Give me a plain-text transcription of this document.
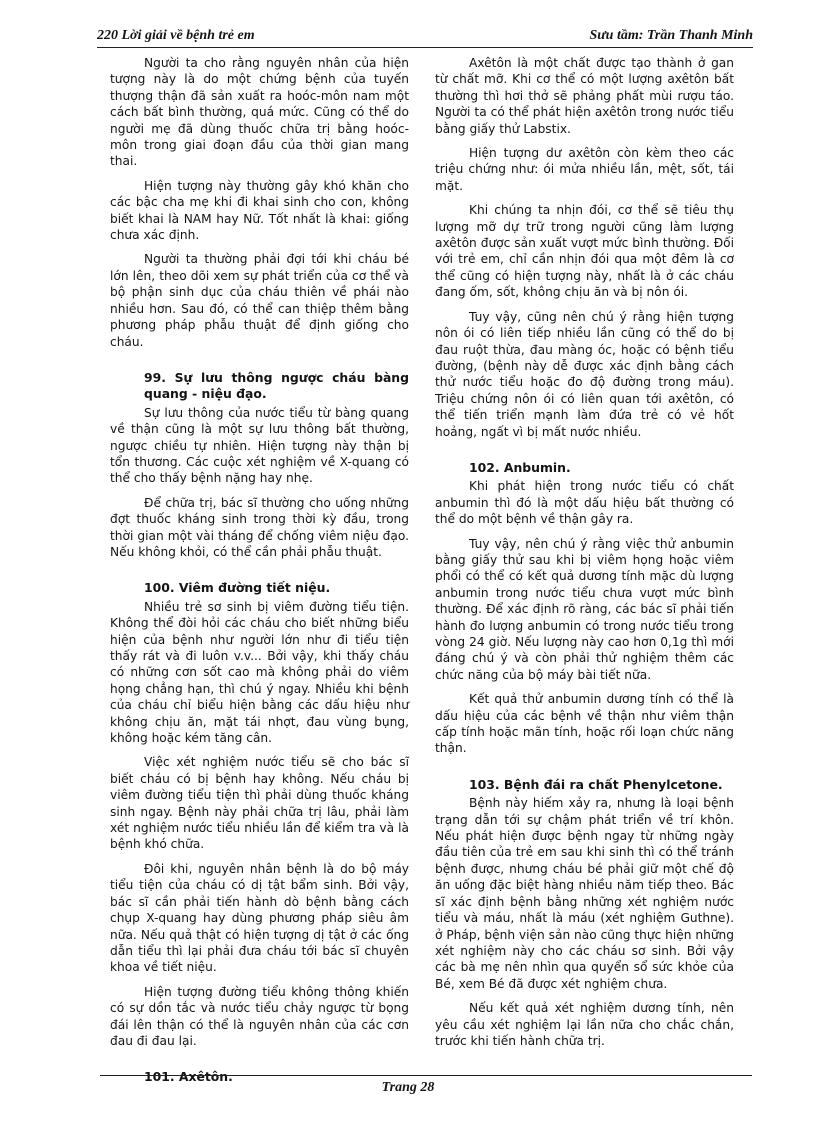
220 Lời giải về bệnh trẻ em	Sưu tầm: Trần Thanh Minh

Người ta cho rằng nguyên nhân của hiện tượng này là do một chứng bệnh của tuyến thượng thận đã sản xuất ra hoóc-môn nam một cách bất bình thường, quá mức. Cũng có thể do người mẹ đã dùng thuốc chữa trị bằng hoóc-môn trong giai đoạn đầu của thời gian mang thai.

Hiện tượng này thường gây khó khăn cho các bậc cha mẹ khi đi khai sinh cho con, không biết khai là NAM hay Nữ. Tốt nhất là khai: giống chưa xác định.

Người ta thường phải đợi tới khi cháu bé lớn lên, theo dõi xem sự phát triển của cơ thể và bộ phận sinh dục của cháu thiên về phái nào nhiều hơn. Sau đó, có thể can thiệp thêm bằng phương pháp phẫu thuật để định giống cho cháu.

99. Sự lưu thông ngược cháu bàng quang - niệu đạo.

Sự lưu thông của nước tiểu từ bàng quang về thận cũng là một sự lưu thông bất thường, ngược chiều tự nhiên. Hiện tượng này thận bị tổn thương. Các cuộc xét nghiệm về X-quang có thể cho thấy bệnh nặng hay nhẹ.

Để chữa trị, bác sĩ thường cho uống những đợt thuốc kháng sinh trong thời kỳ đầu, trong thời gian một vài tháng để chống viêm niệu đạo. Nếu không khỏi, có thể cần phải phẫu thuật.

100. Viêm đường tiết niệu.

Nhiều trẻ sơ sinh bị viêm đường tiểu tiện. Không thể đòi hỏi các cháu cho biết những biểu hiện của bệnh như người lớn như đi tiểu tiện thấy rát và đi luôn v.v... Bởi vậy, khi thấy cháu có những cơn sốt cao mà không phải do viêm họng chẳng hạn, thì chú ý ngay. Nhiều khi bệnh của cháu chỉ biểu hiện bằng các dấu hiệu như không chịu ăn, mặt tái nhợt, đau vùng bụng, không hoặc kém tăng cân.

Việc xét nghiệm nước tiểu sẽ cho bác sĩ biết cháu có bị bệnh hay không. Nếu cháu bị viêm đường tiểu tiện thì phải dùng thuốc kháng sinh ngay. Bệnh này phải chữa trị lâu, phải làm xét nghiệm nước tiểu nhiều lần để kiểm tra và là bệnh khó chữa.

Đôi khi, nguyên nhân bệnh là do bộ máy tiểu tiện của cháu có dị tật bẩm sinh. Bởi vậy, bác sĩ cần phải tiến hành dò bệnh bằng cách chụp X-quang hay dùng phương pháp siêu âm nữa. Nếu quả thật có hiện tượng dị tật ở các ống dẫn tiểu thì lại phải đưa cháu tới bác sĩ chuyên khoa về tiết niệu.

Hiện tượng đường tiểu không thông khiến có sự dồn tắc và nước tiểu chảy ngược từ bọng đái lên thận có thể là nguyên nhân của các cơn đau đi đau lại.

101. Axêtôn.

Axêtôn là một chất được tạo thành ở gan từ chất mỡ. Khi cơ thể có một lượng axêtôn bất thường thì hơi thở sẽ phảng phất mùi rượu táo. Người ta có thể phát hiện axêtôn trong nước tiểu bằng giấy thử Labstix.

Hiện tượng dư axêtôn còn kèm theo các triệu chứng như: ói mửa nhiều lần, mệt, sốt, tái mặt.

Khi chúng ta nhịn đói, cơ thể sẽ tiêu thụ lượng mỡ dự trữ trong người cũng làm lượng axêtôn được sản xuất vượt mức bình thường. Đối với trẻ em, chỉ cần nhịn đói qua một đêm là cơ thể cũng có hiện tượng này, nhất là ở các cháu đang ốm, sốt, không chịu ăn và bị nôn ói.

Tuy vậy, cũng nên chú ý rằng hiện tượng nôn ói có liên tiếp nhiều lần cũng có thể do bị đau ruột thừa, đau màng óc, hoặc có bệnh tiểu đường, (bệnh này dễ được xác định bằng cách thử nước tiểu hoặc đo độ đường trong máu). Triệu chứng nôn ói có liên quan tới axêtôn, có thể tiến triển mạnh làm đứa trẻ có vẻ hốt hoảng, ngất vì bị mất nước nhiều.

102. Anbumin.

Khi phát hiện trong nước tiểu có chất anbumin thì đó là một dấu hiệu bất thường có thể do một bệnh về thận gây ra.

Tuy vậy, nên chú ý rằng việc thử anbumin bằng giấy thử sau khi bị viêm họng hoặc viêm phổi có thể có kết quả dương tính mặc dù lượng anbumin trong nước tiểu chưa vượt mức bình thường. Để xác định rõ ràng, các bác sĩ phải tiến hành đo lượng anbumin có trong nước tiểu trong vòng 24 giờ. Nếu lượng này cao hơn 0,1g thì mới đáng chú ý và còn phải thử nghiệm thêm các chức năng của bộ máy bài tiết nữa.

Kết quả thử anbumin dương tính có thể là dấu hiệu của các bệnh về thận như viêm thận cấp tính hoặc mãn tính, hoặc rối loạn chức năng thận.

103. Bệnh đái ra chất Phenylcetone.

Bệnh này hiếm xảy ra, nhưng là loại bệnh trạng dẫn tới sự chậm phát triển về trí khôn. Nếu phát hiện được bệnh ngay từ những ngày đầu tiên của trẻ em sau khi sinh thì có thể tránh bệnh được, nhưng cháu bé phải giữ một chế độ ăn uống đặc biệt hàng nhiều năm tiếp theo. Bác sĩ xác định bệnh bằng những xét nghiệm nước tiểu và máu, nhất là máu (xét nghiệm Guthne). ở Pháp, bệnh viện sản nào cũng thực hiện những xét nghiệm này cho các cháu sơ sinh. Bởi vậy các bà mẹ nên nhìn qua quyển sổ sức khỏe của Bé, xem Bé đã được xét nghiệm chưa.

Nếu kết quả xét nghiệm dương tính, nên yêu cầu xét nghiệm lại lần nữa cho chắc chắn, trước khi tiến hành chữa trị.

Trang 28
